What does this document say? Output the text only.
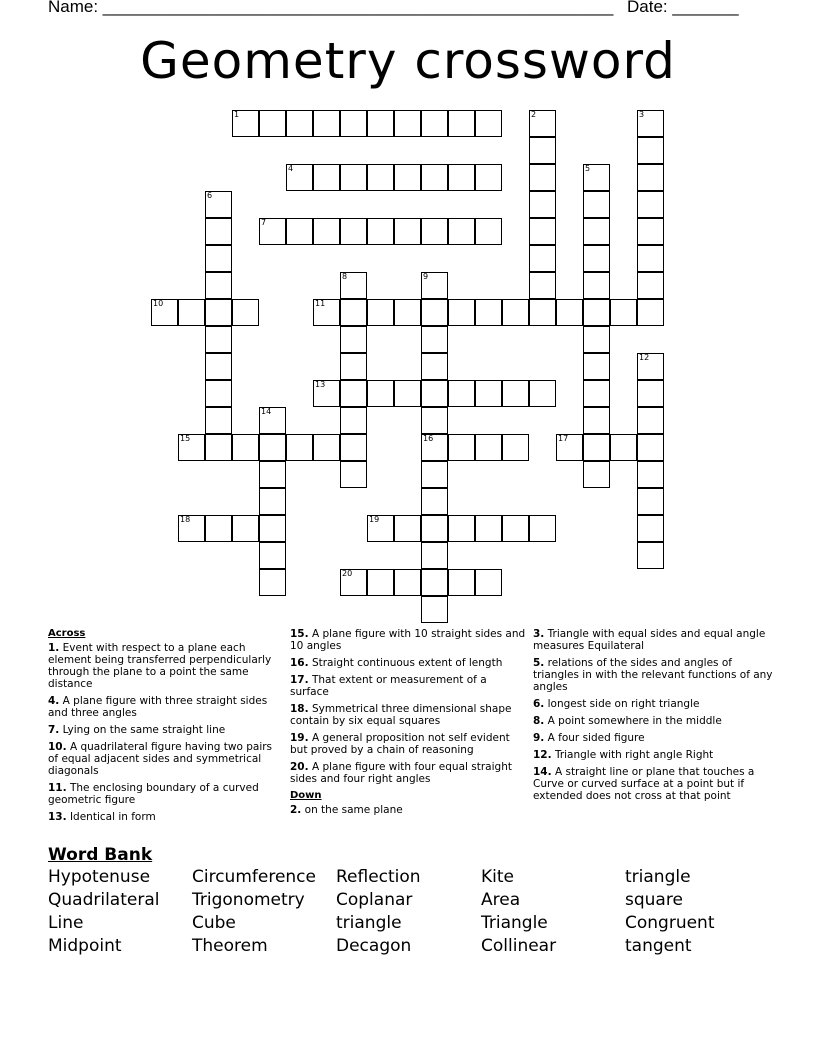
Name: ______________________________________________________ Date: _______
Geometry crossword
1	2	3
4	5
6
7
8	9
16
10	11
12
13
14
15	17
18	19
20
Across
1. Event with respect to a plane each element being transferred perpendicularly through the plane to a point the same distance
4. A plane figure with three straight sides and three angles
7. Lying on the same straight line
10. A quadrilateral figure having two pairs of equal adjacent sides and symmetrical diagonals
11. The enclosing boundary of a curved geometric figure
13. Identical in form
15. A plane figure with 10 straight sides and 10 angles
16. Straight continuous extent of length
17. That extent or measurement of a surface
18. Symmetrical three dimensional shape contain by six equal squares
19. A general proposition not self evident but proved by a chain of reasoning
20. A plane figure with four equal straight sides and four right angles
Down
2. on the same plane
3. Triangle with equal sides and equal angle measures Equilateral
5. relations of the sides and angles of triangles in with the relevant functions of any angles
6. longest side on right triangle
8. A point somewhere in the middle
9. A four sided figure
12. Triangle with right angle Right
14. A straight line or plane that touches a Curve or curved surface at a point but if extended does not cross at that point
Word Bank
Hypotenuse	Circumference	Reflection	Kite	triangle
Quadrilateral	Trigonometry	Coplanar	Area	square
Line	Cube	triangle	Triangle	Congruent
Midpoint	Theorem	Decagon	Collinear	tangent
